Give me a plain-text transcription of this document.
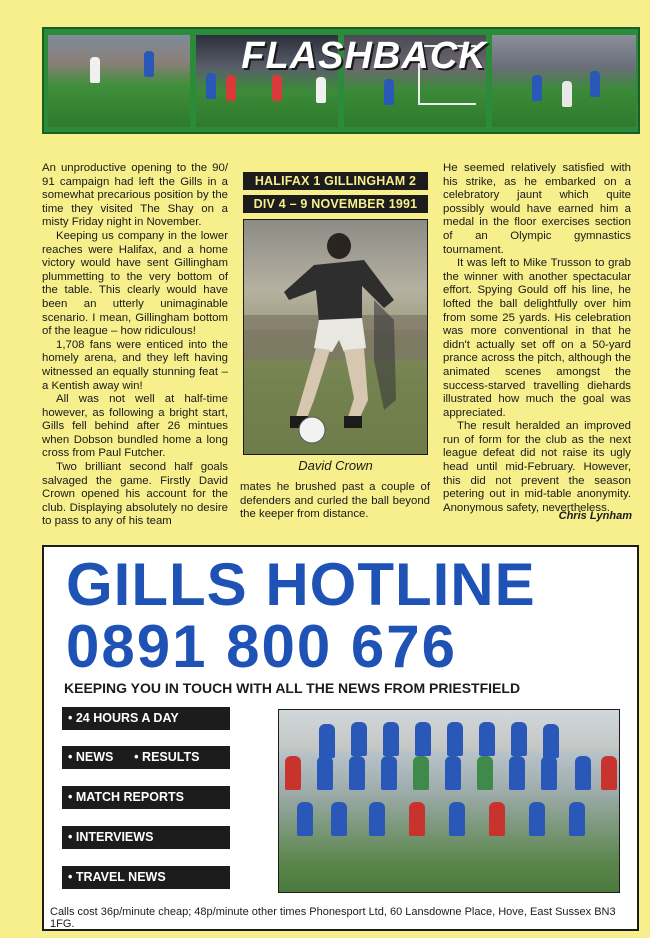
FLASHBACK

An unproductive opening to the 90/ 91 campaign had left the Gills in a somewhat precarious position by the time they visited The Shay on a misty Friday night in November.

Keeping us company in the lower reaches were Halifax, and a home victory would have sent Gillingham plummetting to the very bottom of the table. This clearly would have been an utterly unimaginable scenario. I mean, Gillingham bottom of the league – how ridiculous!

1,708 fans were enticed into the homely arena, and they left having witnessed an equally stunning feat – a Kentish away win!

All was not well at half-time however, as following a bright start, Gills fell behind after 26 mintues when Dobson bundled home a long cross from Paul Futcher.

Two brilliant second half goals salvaged the game. Firstly David Crown opened his account for the club. Displaying absolutely no desire to pass to any of his team

HALIFAX 1 GILLINGHAM 2
DIV 4 – 9 NOVEMBER 1991
David Crown
mates he brushed past a couple of defenders and curled the ball beyond the keeper from distance.

He seemed relatively satisfied with his strike, as he embarked on a celebratory jaunt which quite possibly would have earned him a medal in the floor exercises section of an Olympic gymnastics tournament.

It was left to Mike Trusson to grab the winner with another spectacular effort. Spying Gould off his line, he lofted the ball delightfully over him from some 25 yards. His celebration was more conventional in that he didn't actually set off on a 50-yard prance across the pitch, although the animated scenes amongst the success-starved travelling diehards illustrated how much the goal was appreciated.

The result heralded an improved run of form for the club as the next league defeat did not raise its ugly head until mid-February. However, this did not prevent the season petering out in mid-table anonymity. Anonymous safety, nevertheless.

Chris Lynham
GILLS HOTLINE
0891 800 676
KEEPING YOU IN TOUCH WITH ALL THE NEWS FROM PRIESTFIELD
• 24 HOURS A DAY
• NEWS      • RESULTS
• MATCH REPORTS
• INTERVIEWS
• TRAVEL NEWS
Calls cost 36p/minute cheap; 48p/minute other times Phonesport Ltd, 60 Lansdowne Place, Hove, East Sussex BN3 1FG.
